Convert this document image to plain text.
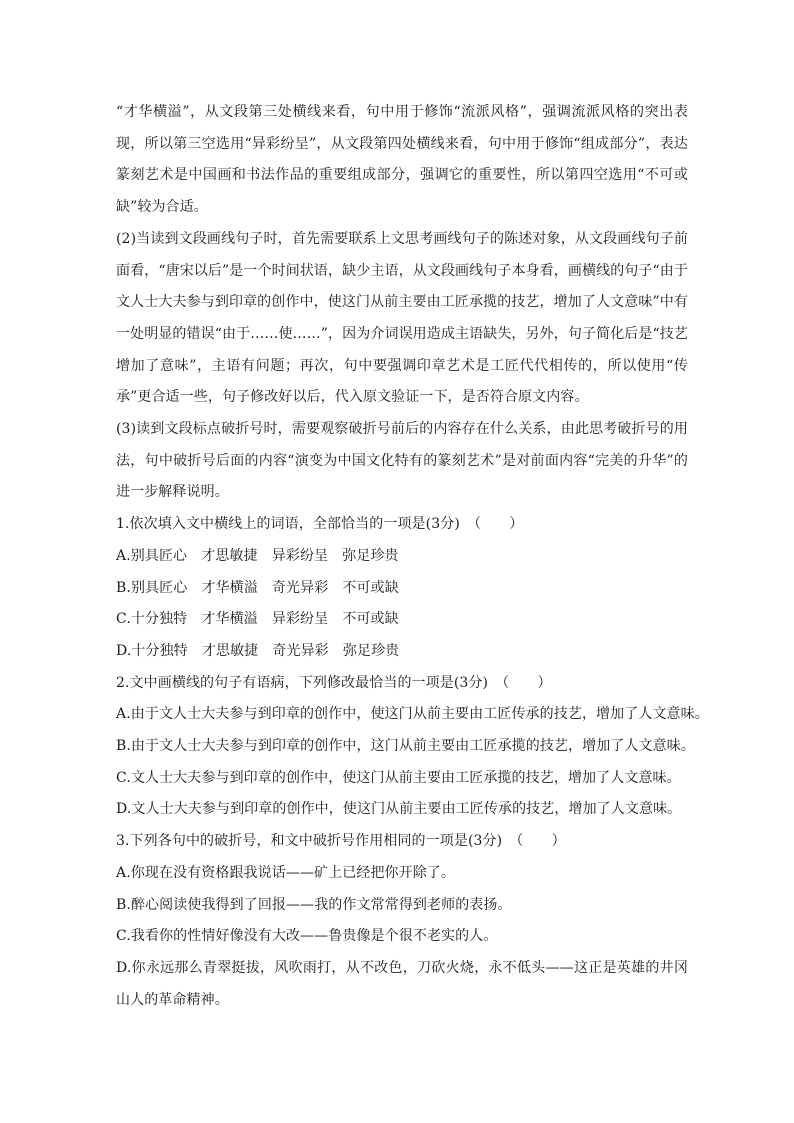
“才华横溢”，从文段第三处横线来看，句中用于修饰“流派风格”，强调流派风格的突出表现，所以第三空选用“异彩纷呈”，从文段第四处横线来看，句中用于修饰“组成部分”，表达篆刻艺术是中国画和书法作品的重要组成部分，强调它的重要性，所以第四空选用“不可或缺”较为合适。

(2)当读到文段画线句子时，首先需要联系上文思考画线句子的陈述对象，从文段画线句子前面看，“唐宋以后”是一个时间状语，缺少主语，从文段画线句子本身看，画横线的句子“由于文人士大夫参与到印章的创作中，使这门从前主要由工匠承揽的技艺，增加了人文意味”中有一处明显的错误“由于……使……”，因为介词误用造成主语缺失，另外，句子简化后是“技艺增加了意味”，主语有问题；再次，句中要强调印章艺术是工匠代代相传的，所以使用“传承”更合适一些，句子修改好以后，代入原文验证一下，是否符合原文内容。

(3)读到文段标点破折号时，需要观察破折号前后的内容存在什么关系，由此思考破折号的用法，句中破折号后面的内容“演变为中国文化特有的篆刻艺术”是对前面内容“完美的升华”的进一步解释说明。

1.依次填入文中横线上的词语，全部恰当的一项是(3分)　（　　）

A.别具匠心　才思敏捷　异彩纷呈　弥足珍贵

B.别具匠心　才华横溢　奇光异彩　不可或缺

C.十分独特　才华横溢　异彩纷呈　不可或缺

D.十分独特　才思敏捷　奇光异彩　弥足珍贵

2.文中画横线的句子有语病，下列修改最恰当的一项是(3分)　（　　）

A.由于文人士大夫参与到印章的创作中，使这门从前主要由工匠传承的技艺，增加了人文意味。

B.由于文人士大夫参与到印章的创作中，这门从前主要由工匠承揽的技艺，增加了人文意味。

C.文人士大夫参与到印章的创作中，使这门从前主要由工匠承揽的技艺，增加了人文意味。

D.文人士大夫参与到印章的创作中，使这门从前主要由工匠传承的技艺，增加了人文意味。

3.下列各句中的破折号，和文中破折号作用相同的一项是(3分)　（　　）

A.你现在没有资格跟我说话——矿上已经把你开除了。

B.醉心阅读使我得到了回报——我的作文常常得到老师的表扬。

C.我看你的性情好像没有大改——鲁贵像是个很不老实的人。

D.你永远那么青翠挺拔，风吹雨打，从不改色，刀砍火烧，永不低头——这正是英雄的井冈山人的革命精神。
